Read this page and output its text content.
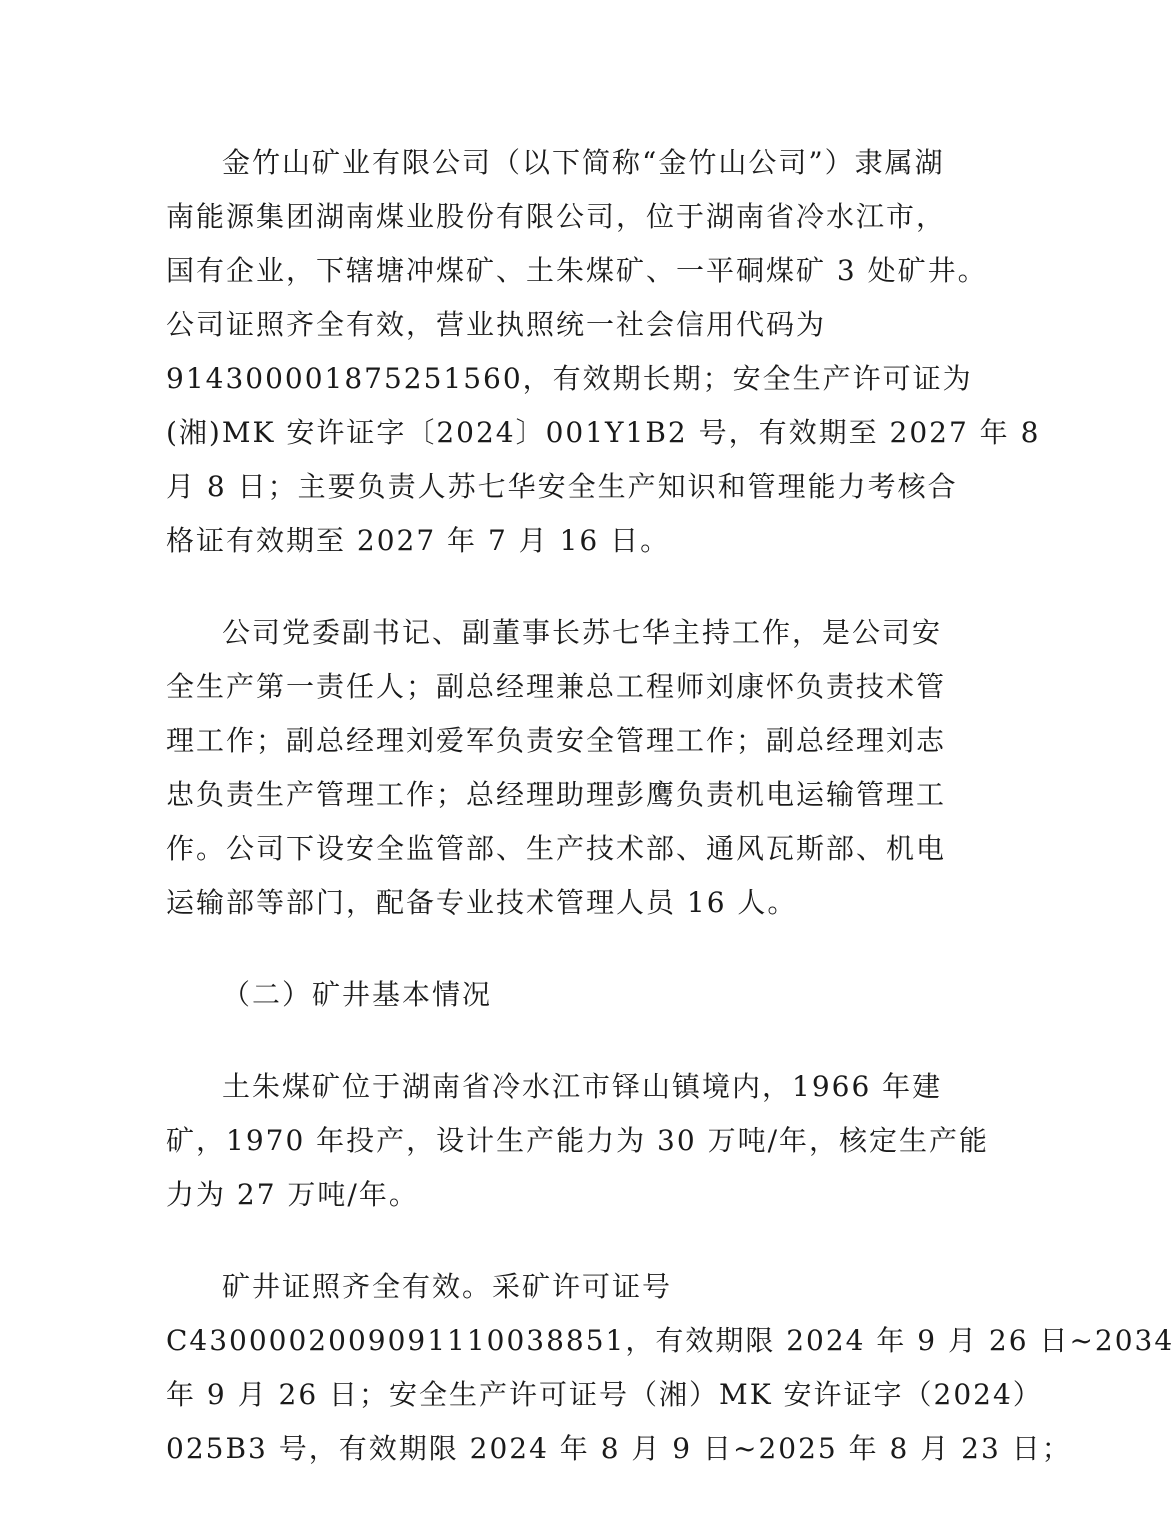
金竹山矿业有限公司（以下简称“金竹山公司”）隶属湖
南能源集团湖南煤业股份有限公司，位于湖南省冷水江市，
国有企业，下辖塘冲煤矿、土朱煤矿、一平硐煤矿 3 处矿井。
公司证照齐全有效，营业执照统一社会信用代码为
914300001875251560，有效期长期；安全生产许可证为
(湘)MK 安许证字〔2024〕001Y1B2 号，有效期至 2027 年 8
月 8 日；主要负责人苏七华安全生产知识和管理能力考核合
格证有效期至 2027 年 7 月 16 日。
公司党委副书记、副董事长苏七华主持工作，是公司安
全生产第一责任人；副总经理兼总工程师刘康怀负责技术管
理工作；副总经理刘爱军负责安全管理工作；副总经理刘志
忠负责生产管理工作；总经理助理彭鹰负责机电运输管理工
作。公司下设安全监管部、生产技术部、通风瓦斯部、机电
运输部等部门，配备专业技术管理人员 16 人。
（二）矿井基本情况
土朱煤矿位于湖南省冷水江市铎山镇境内，1966 年建
矿，1970 年投产，设计生产能力为 30 万吨/年，核定生产能
力为 27 万吨/年。
矿井证照齐全有效。采矿许可证号
C4300002009091110038851，有效期限 2024 年 9 月 26 日~2034
年 9 月 26 日；安全生产许可证号（湘）MK 安许证字（2024）
025B3 号，有效期限 2024 年 8 月 9 日~2025 年 8 月 23 日；
